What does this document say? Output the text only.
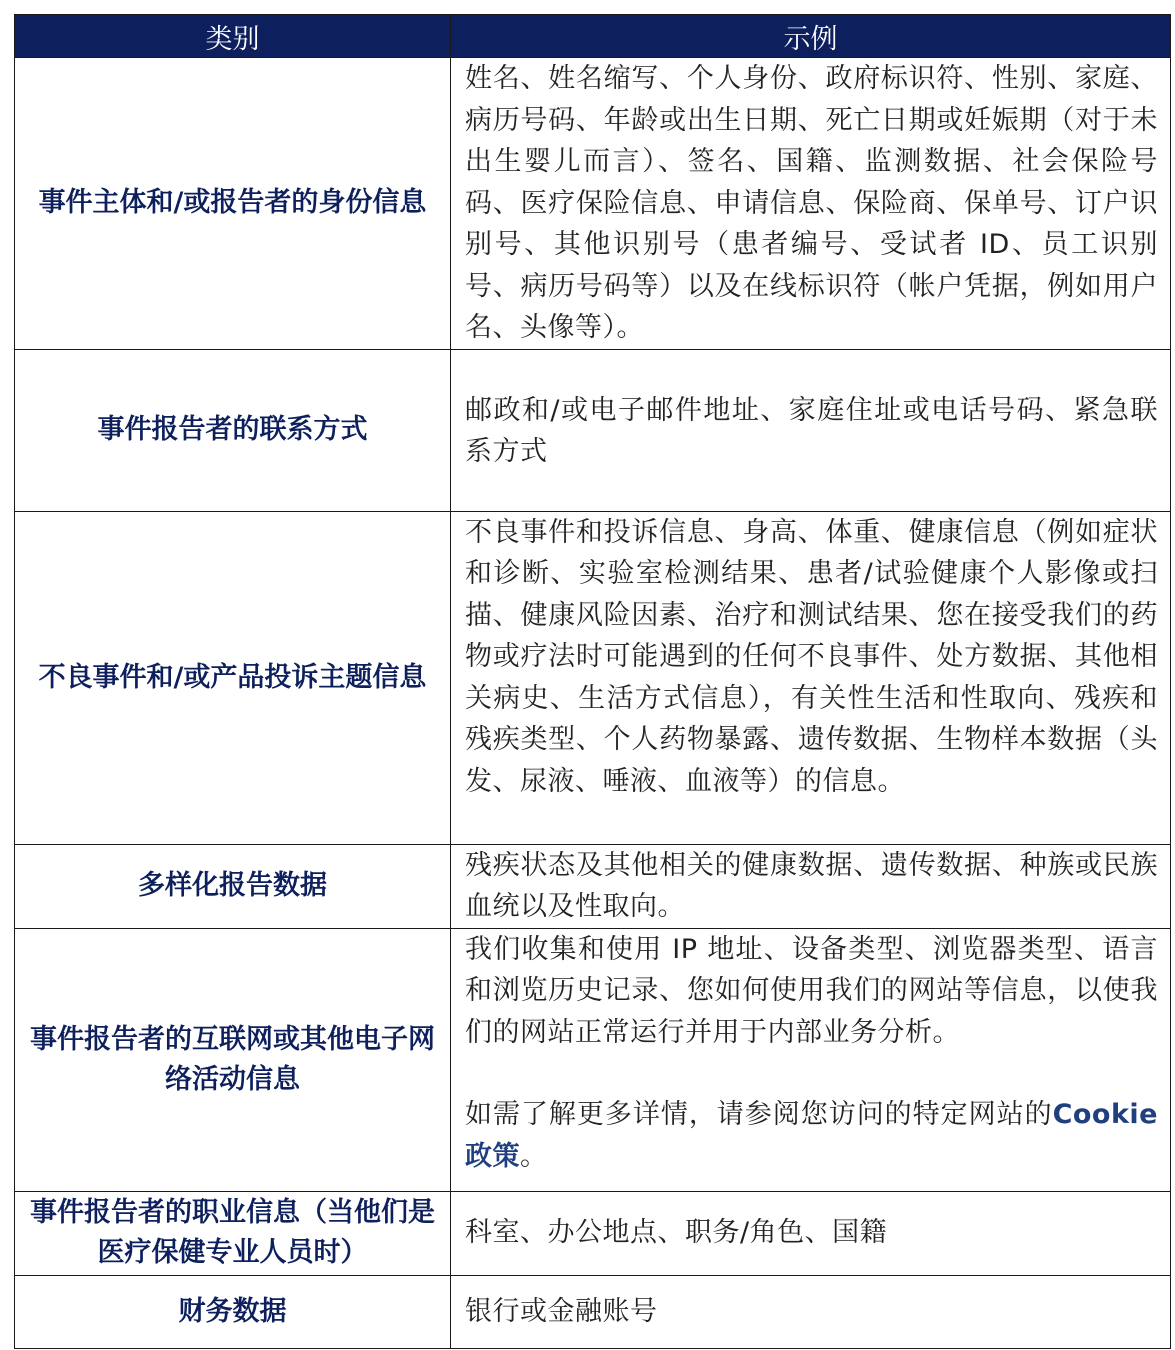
类别	示例
事件主体和/或报告者的身份信息	姓名、姓名缩写、个人身份、政府标识符、性别、家庭、病历号码、年龄或出生日期、死亡日期或妊娠期（对于未出生婴儿而言）、签名、国籍、监测数据、社会保险号码、医疗保险信息、申请信息、保险商、保单号、订户识别号、其他识别号（患者编号、受试者 ID、员工识别号、病历号码等）以及在线标识符（帐户凭据，例如用户名、头像等）。
事件报告者的联系方式	邮政和/或电子邮件地址、家庭住址或电话号码、紧急联系方式
不良事件和/或产品投诉主题信息	不良事件和投诉信息、身高、体重、健康信息（例如症状和诊断、实验室检测结果、患者/试验健康个人影像或扫描、健康风险因素、治疗和测试结果、您在接受我们的药物或疗法时可能遇到的任何不良事件、处方数据、其他相关病史、生活方式信息），有关性生活和性取向、残疾和残疾类型、个人药物暴露、遗传数据、生物样本数据（头发、尿液、唾液、血液等）的信息。
多样化报告数据	残疾状态及其他相关的健康数据、遗传数据、种族或民族血统以及性取向。
事件报告者的互联网或其他电子网络活动信息	我们收集和使用 IP 地址、设备类型、浏览器类型、语言和浏览历史记录、您如何使用我们的网站等信息，以使我们的网站正常运行并用于内部业务分析。
如需了解更多详情，请参阅您访问的特定网站的Cookie 政策。

事件报告者的职业信息（当他们是医疗保健专业人员时）	科室、办公地点、职务/角色、国籍
财务数据	银行或金融账号
